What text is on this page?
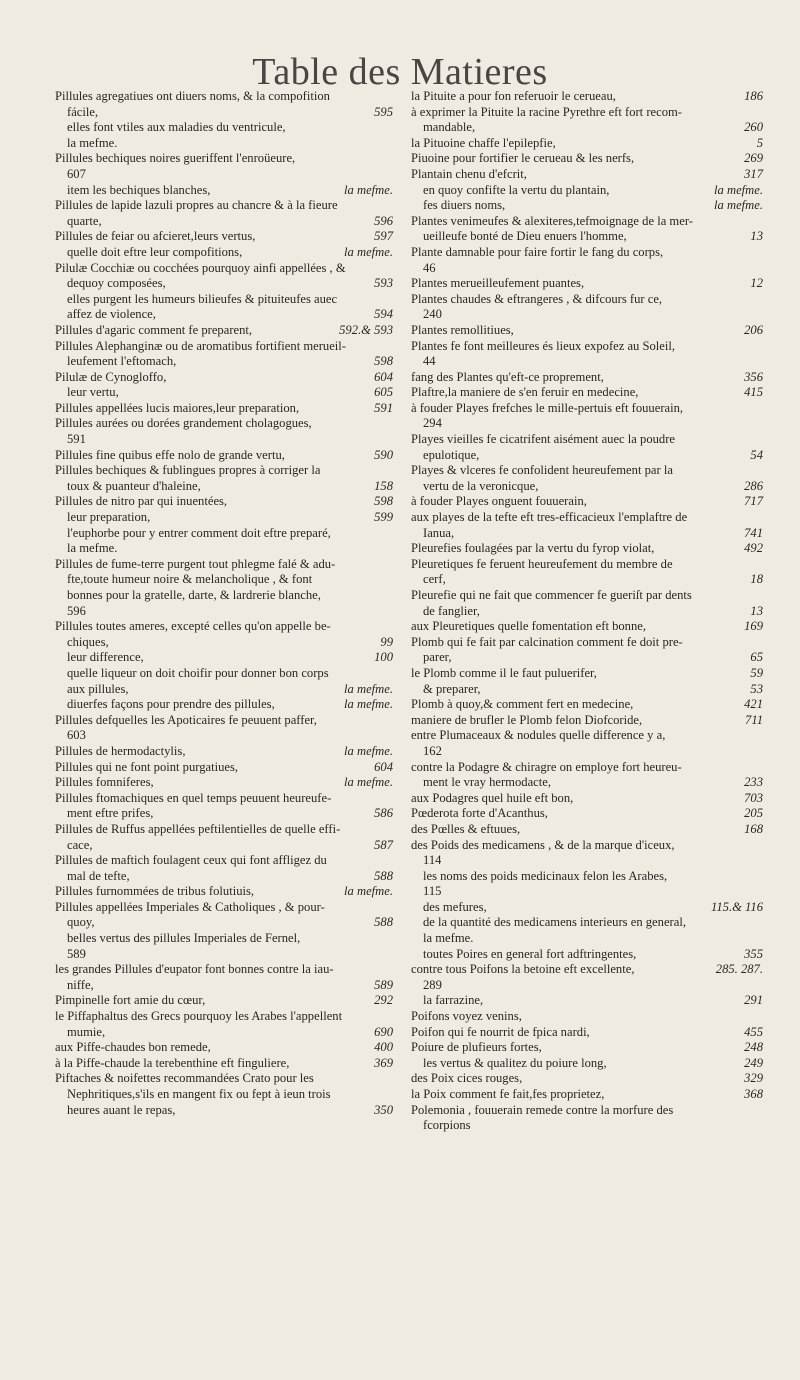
Table des Matieres
Pillules agregatiues ont diuers noms, & la compofition
fácile,	595
elles font vtiles aux maladies du ventricule,
la mefme.
Pillules bechiques noires gueriffent l'enroüeure,
607
item les bechiques blanches,	la mefme.
Pillules de lapide lazuli propres au chancre & à la fieure
quarte,	596
Pillules de feiar ou afcieret,leurs vertus,	597
quelle doit eftre leur compofitions,	la mefme.
Pilulæ Cocchiæ ou cocchées pourquoy ainfi appellées , &
dequoy composées,	593
elles purgent les humeurs bilieufes & pituiteufes auec
affez de violence,	594
Pillules d'agaric comment fe preparent,	592.& 593
Pillules Alephanginæ ou de aromatibus fortifient merueil-
leufement l'eftomach,	598
Pilulæ de Cynogloffo,	604
leur vertu,	605
Pillules appellées lucis maiores,leur preparation,	591
Pillules aurées ou dorées grandement cholagogues,
591
Pillules fine quibus effe nolo de grande vertu,	590
Pillules bechiques & fublingues propres à corriger la
toux & puanteur d'haleine,	158
Pillules de nitro par qui inuentées,	598
leur preparation,	599
l'euphorbe pour y entrer comment doit eftre preparé,
la mefme.
Pillules de fume-terre purgent tout phlegme falé & adu-
fte,toute humeur noire & melancholique , & font
bonnes pour la gratelle, darte, & lardrerie blanche,
596
Pillules toutes ameres, excepté celles qu'on appelle be-
chiques,	99
leur difference,	100
quelle liqueur on doit choifir pour donner bon corps
aux pillules,	la mefme.
diuerfes façons pour prendre des pillules,	la mefme.
Pillules defquelles les Apoticaires fe peuuent paffer,
603
Pillules de hermodactylis,	la mefme.
Pillules qui ne font point purgatiues,	604
Pillules fomniferes,	la mefme.
Pillules ftomachiques en quel temps peuuent heureufe-
ment eftre prifes,	586
Pillules de Ruffus appellées peftilentielles de quelle effi-
cace,	587
Pillules de maftich foulagent ceux qui font affligez du
mal de tefte,	588
Pillules furnommées de tribus folutiuis,	la mefme.
Pillules appellées Imperiales & Catholiques , & pour-
quoy,	588
belles vertus des pillules Imperiales de Fernel,
589
les grandes Pillules d'eupator font bonnes contre la iau-
niffe,	589
Pimpinelle fort amie du cœur,	292
le Piffaphaltus des Grecs pourquoy les Arabes l'appellent
mumie,	690
aux Piffe-chaudes bon remede,	400
à la Piffe-chaude la terebenthine eft finguliere,	369
Piftaches & noifettes recommandées Crato pour les
Nephritiques,s'ils en mangent fix ou fept à ieun trois
heures auant le repas,	350
la Pituite a pour fon referuoir le cerueau,	186
à exprimer la Pituite la racine Pyrethre eft fort recom-
mandable,	260
la Pituoine chaffe l'epilepfie,	5
Piuoine pour fortifier le cerueau & les nerfs,	269
Plantain chenu d'efcrit,	317
en quoy confifte la vertu du plantain,	la mefme.
fes diuers noms,	la mefme.
Plantes venimeufes & alexiteres,tefmoignage de la mer-
ueilleufe bonté de Dieu enuers l'homme,	13
Plante damnable pour faire fortir le fang du corps,
46
Plantes merueilleufement puantes,	12
Plantes chaudes & eftrangeres , & difcours fur ce,
240
Plantes remollitiues,	206
Plantes fe font meilleures és lieux expofez au Soleil,
44
fang des Plantes qu'eft-ce proprement,	356
Plaftre,la maniere de s'en feruir en medecine,	415
à fouder Playes frefches le mille-pertuis eft fouuerain,
294
Playes vieilles fe cicatrifent aisément auec la poudre
epulotique,	54
Playes & vlceres fe confolident heureufement par la
vertu de la veronicque,	286
à fouder Playes onguent fouuerain,	717
aux playes de la tefte eft tres-efficacieux l'emplaftre de
Ianua,	741
Pleurefies foulagées par la vertu du fyrop violat,	492
Pleuretiques fe feruent heureufement du membre de
cerf,	18
Pleurefie qui ne fait que commencer fe gueriſt par dents
de fanglier,	13
aux Pleuretiques quelle fomentation eft bonne,	169
Plomb qui fe fait par calcination comment fe doit pre-
parer,	65
le Plomb comme il le faut puluerifer,	59
& preparer,	53
Plomb à quoy,& comment fert en medecine,	421
maniere de brufler le Plomb felon Diofcoride,	711
entre Plumaceaux & nodules quelle difference y a,
162
contre la Podagre & chiragre on employe fort heureu-
ment le vray hermodacte,	233
aux Podagres quel huile eft bon,	703
Pœderota forte d'Acanthus,	205
des Pœlles & eftuues,	168
des Poids des medicamens , & de la marque d'iceux,
114
les noms des poids medicinaux felon les Arabes,
115
des mefures,	115.& 116
de la quantité des medicamens interieurs en general,
la mefme.
toutes Poires en general fort adftringentes,	355
contre tous Poifons la betoine eft excellente,	285. 287.
289
la farrazine,	291
Poifons voyez venins,
Poifon qui fe nourrit de fpica nardi,	455
Poiure de plufieurs fortes,	248
les vertus & qualitez du poiure long,	249
des Poix cices rouges,	329
la Poix comment fe fait,fes proprietez,	368
Polemonia , fouuerain remede contre la morfure des
fcorpions
